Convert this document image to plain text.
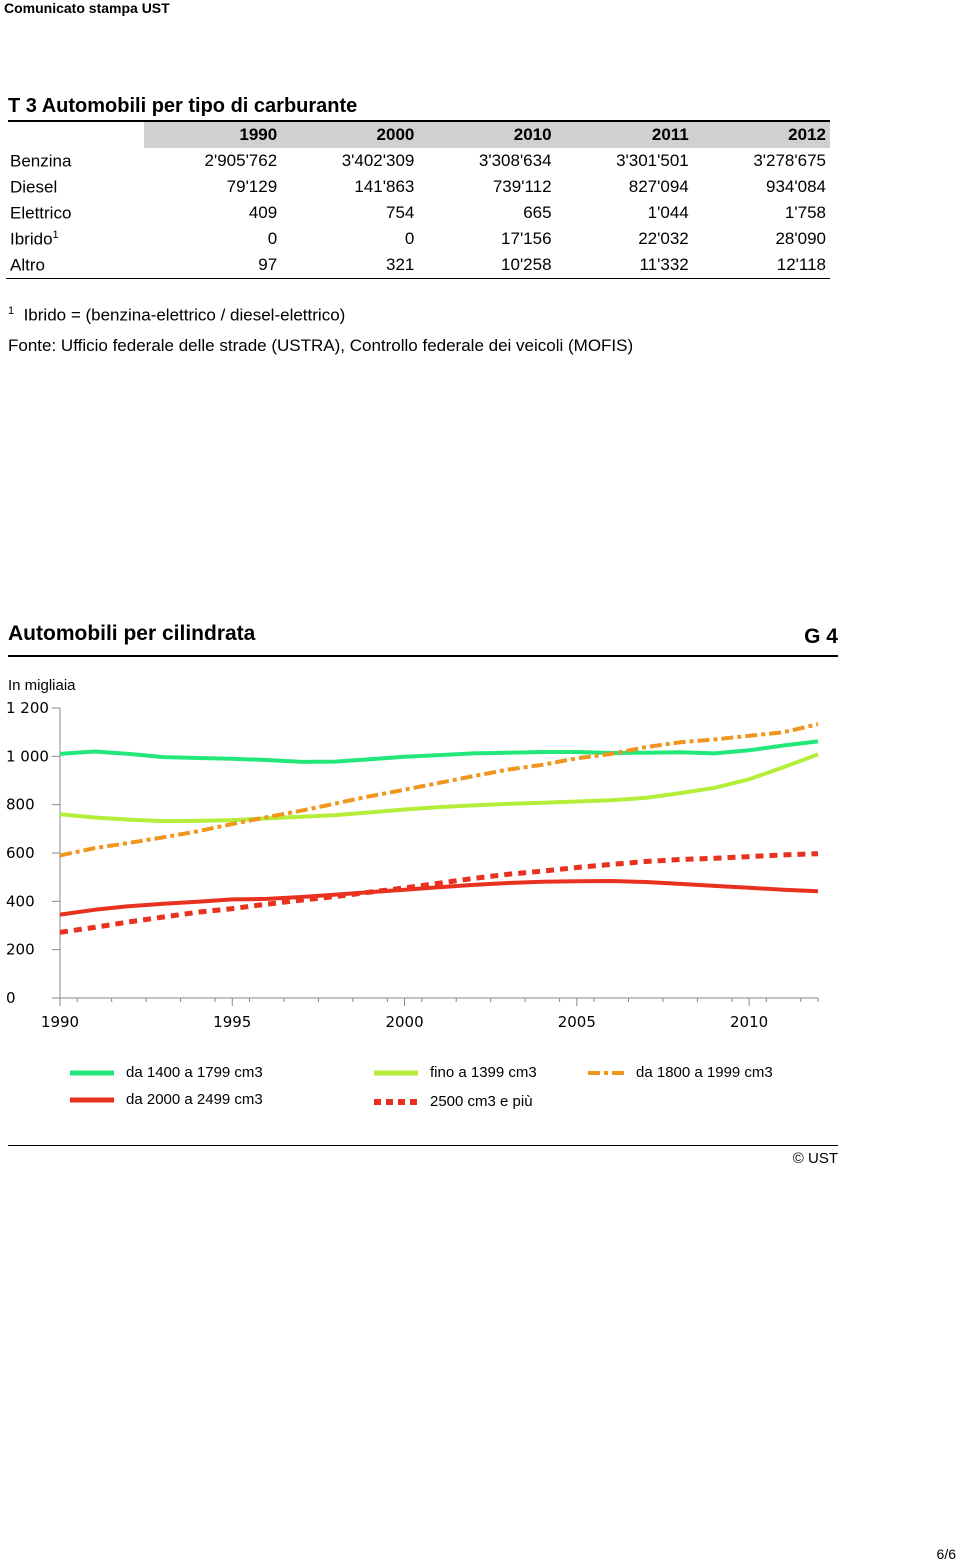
Comunicato stampa UST
T 3 Automobili per tipo di carburante
	1990	2000	2010	2011	2012
Benzina	2'905'762	3'402'309	3'308'634	3'301'501	3'278'675
Diesel	79'129	141'863	739'112	827'094	934'084
Elettrico	409	754	665	1'044	1'758
Ibrido$^1$	0	0	17'156	22'032	28'090
Altro	97	321	10'258	11'332	12'118
$^1$ Ibrido = (benzina-elettrico / diesel-elettrico)
Fonte: Ufficio federale delle strade (USTRA), Controllo federale dei veicoli (MOFIS)
Automobili per cilindrata	G 4
In migliaia
1 200
1 000
800
600
400
200
0
1990	1995	2000	2005	2010
da 1400 a 1799 cm3	fino a 1399 cm3	da 1800 a 1999 cm3
da 2000 a 2499 cm3	2500 cm3 e più
© UST
6/6
